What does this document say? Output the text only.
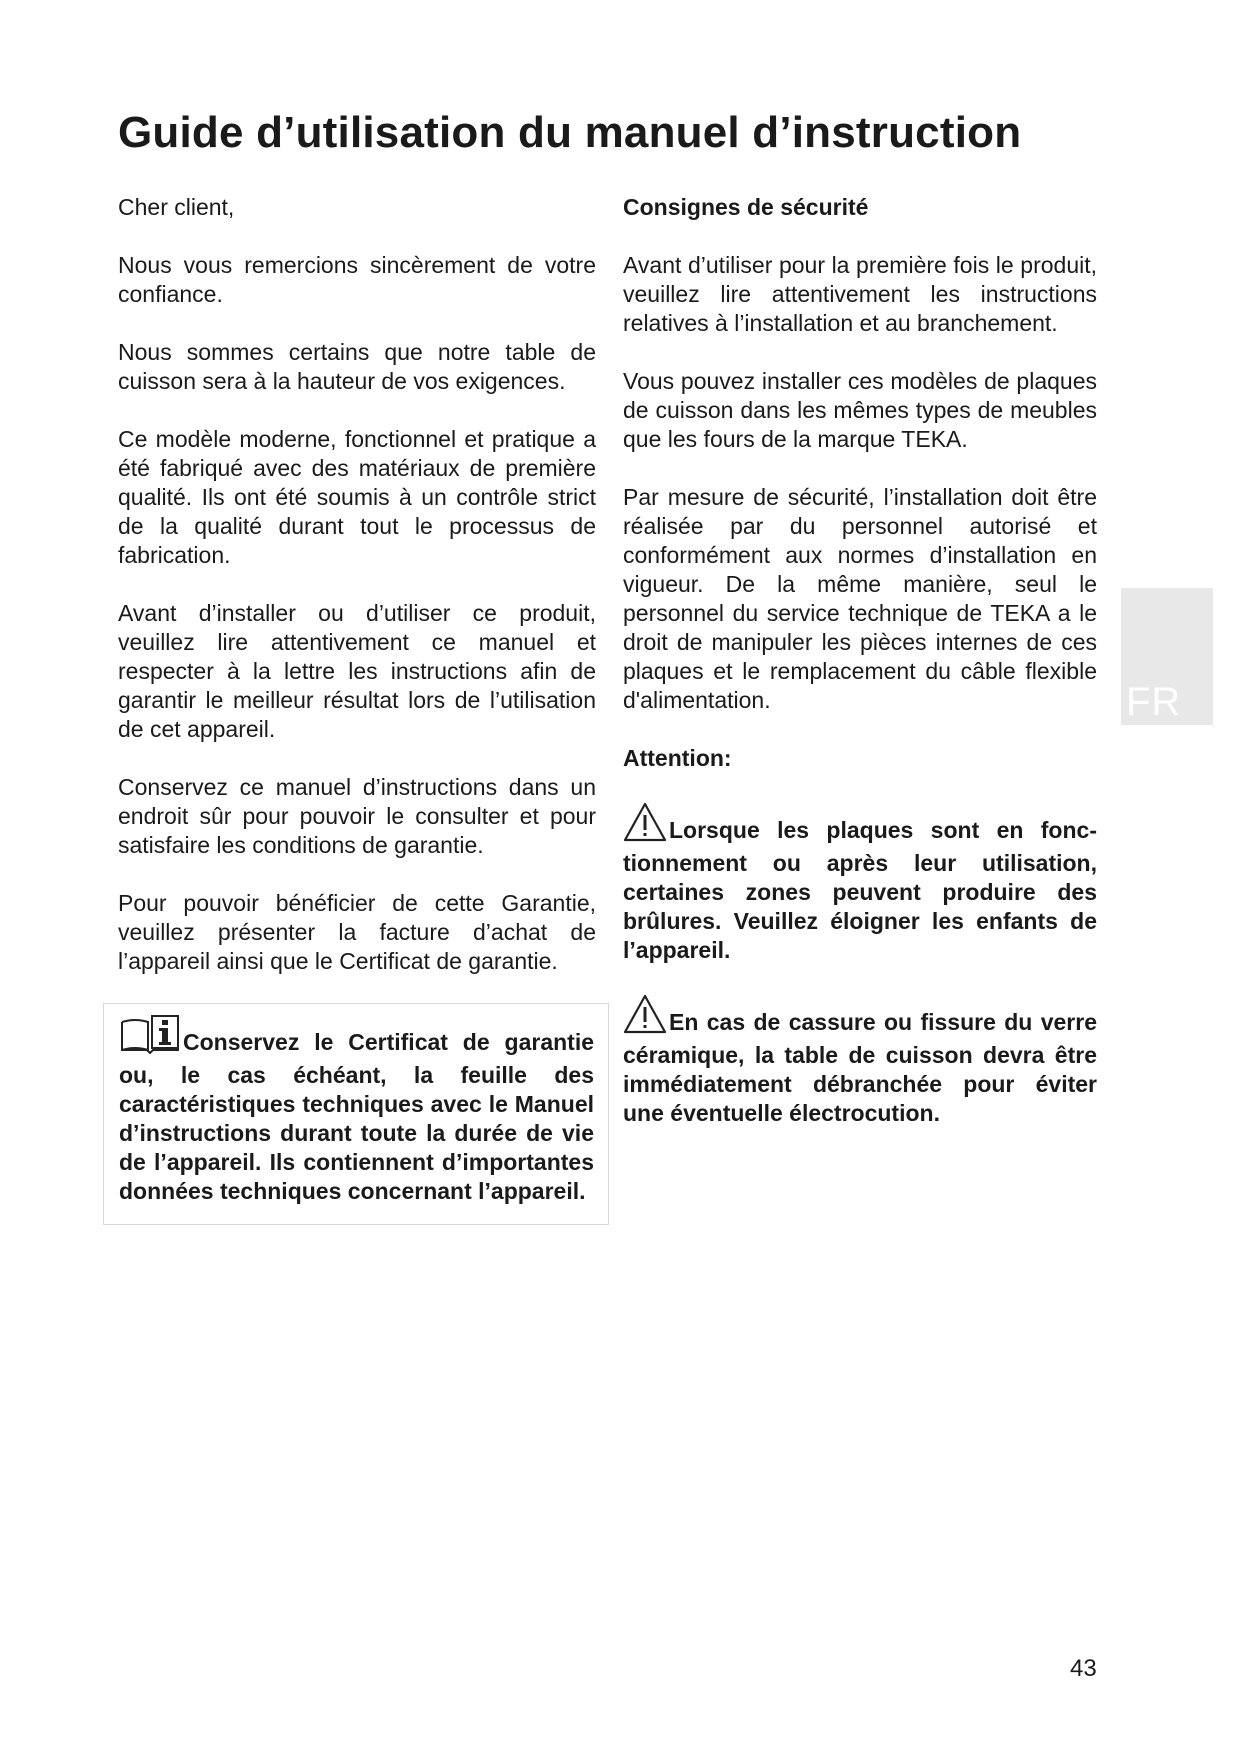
Guide d’utilisation du manuel d’instruction

Cher client,

Nous vous remercions sincèrement de votre confiance.

Nous sommes certains que notre table de cuisson sera à la hauteur de vos exigences.

Ce modèle moderne, fonctionnel et pratique a été fabriqué avec des matériaux de première qualité. Ils ont été soumis à un contrôle strict de la qualité durant tout le processus de fabrication.

Avant d’installer ou d’utiliser ce produit, veuillez lire attentivement ce manuel et respecter à la lettre les instructions afin de garantir le meilleur résultat lors de l’utilisation de cet appareil.

Conservez ce manuel d’instructions dans un endroit sûr pour pouvoir le consulter et pour satisfaire les conditions de garantie.

Pour pouvoir bénéficier de cette Garantie, veuillez présenter la facture d’achat de l’appareil ainsi que le Certificat de garantie.

Conservez le Certificat de garantie ou, le cas échéant, la feuille des caractéristiques techniques avec le Manuel d’instructions durant toute la durée de vie de l’appareil. Ils contiennent d’importantes données techniques concernant l’appareil.

Consignes de sécurité

Avant d’utiliser pour la première fois le produit, veuillez lire attentivement les instructions relatives à l’installation et au branchement.

Vous pouvez installer ces modèles de plaques de cuisson dans les mêmes types de meubles que les fours de la marque TEKA.

Par mesure de sécurité, l’installation doit être réalisée par du personnel autorisé et conformément aux normes d’installation en vigueur. De la même manière, seul le personnel du service technique de TEKA a le droit de manipuler les pièces internes de ces plaques et le remplacement du câble flexible d'alimentation.

Attention:

Lorsque les plaques sont en fonctionnement ou après leur utilisation, certaines zones peuvent produire des brûlures. Veuillez éloigner les enfants de l’appareil.

En cas de cassure ou fissure du verre céramique, la table de cuisson devra être immédiatement débranchée pour éviter une éventuelle électrocution.

FR
43
